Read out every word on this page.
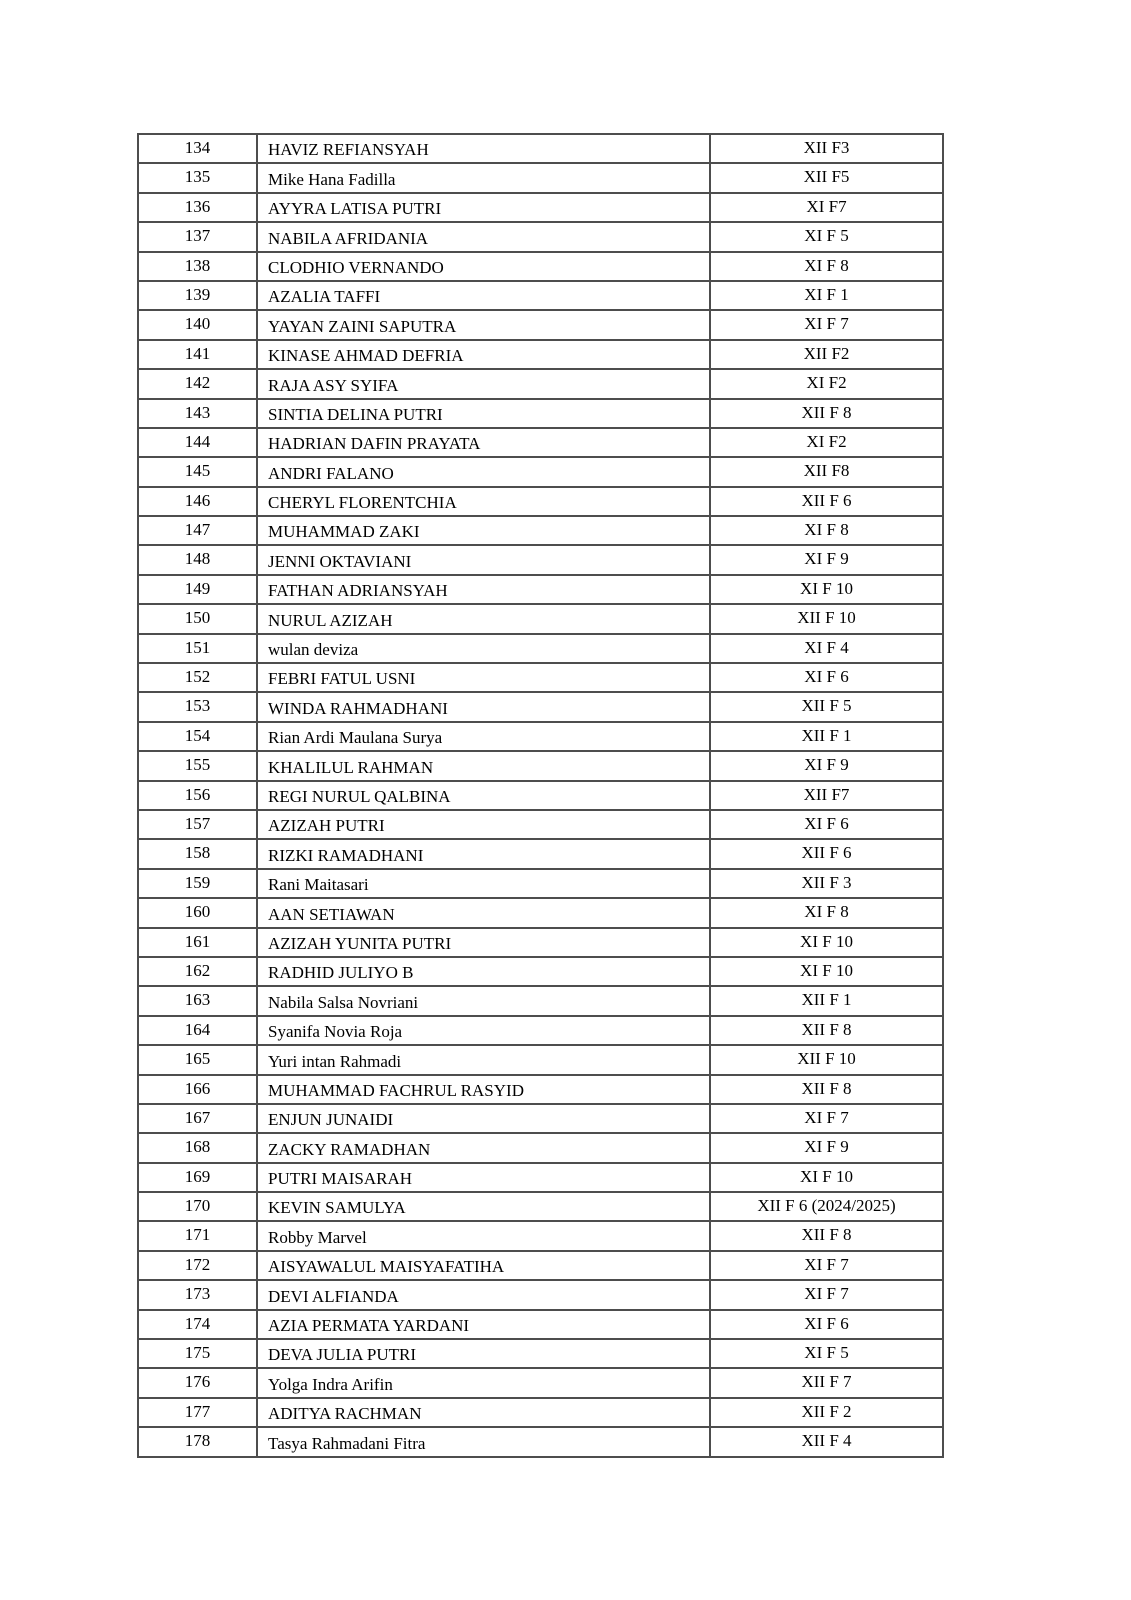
134	HAVIZ REFIANSYAH	XII F3
135	Mike Hana Fadilla	XII F5
136	AYYRA LATISA PUTRI	XI F7
137	NABILA AFRIDANIA	XI F 5
138	CLODHIO VERNANDO	XI F 8
139	AZALIA TAFFI	XI F 1
140	YAYAN ZAINI SAPUTRA	XI F 7
141	KINASE AHMAD DEFRIA	XII F2
142	RAJA ASY SYIFA	XI F2
143	SINTIA DELINA PUTRI	XII F 8
144	HADRIAN DAFIN PRAYATA	XI F2
145	ANDRI FALANO	XII F8
146	CHERYL FLORENTCHIA	XII F 6
147	MUHAMMAD ZAKI	XI F 8
148	JENNI OKTAVIANI	XI F 9
149	FATHAN ADRIANSYAH	XI F 10
150	NURUL AZIZAH	XII F 10
151	wulan deviza	XI F 4
152	FEBRI FATUL USNI	XI F 6
153	WINDA RAHMADHANI	XII F 5
154	Rian Ardi Maulana Surya	XII F 1
155	KHALILUL RAHMAN	XI F 9
156	REGI NURUL QALBINA	XII F7
157	AZIZAH PUTRI	XI F 6
158	RIZKI RAMADHANI	XII F 6
159	Rani Maitasari	XII F 3
160	AAN SETIAWAN	XI F 8
161	AZIZAH YUNITA PUTRI	XI F 10
162	RADHID JULIYO B	XI F 10
163	Nabila Salsa Novriani	XII F 1
164	Syanifa Novia Roja	XII F 8
165	Yuri intan Rahmadi	XII F 10
166	MUHAMMAD FACHRUL RASYID	XII F 8
167	ENJUN JUNAIDI	XI F 7
168	ZACKY RAMADHAN	XI F 9
169	PUTRI MAISARAH	XI F 10
170	KEVIN SAMULYA	XII F 6 (2024/2025)
171	Robby Marvel	XII F 8
172	AISYAWALUL MAISYAFATIHA	XI F 7
173	DEVI ALFIANDA	XI F 7
174	AZIA PERMATA YARDANI	XI F 6
175	DEVA JULIA PUTRI	XI F 5
176	Yolga Indra Arifin	XII F 7
177	ADITYA RACHMAN	XII F 2
178	Tasya Rahmadani Fitra	XII F 4
